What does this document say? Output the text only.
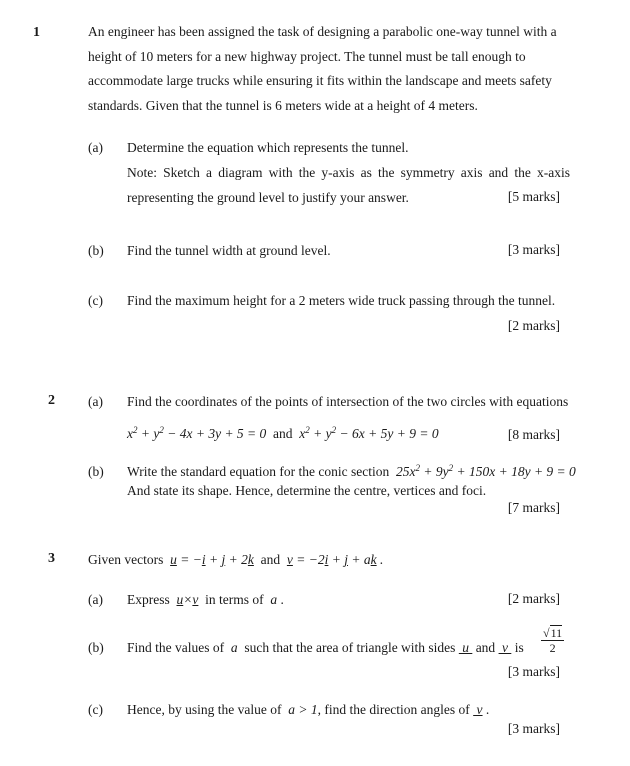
1	An engineer has been assigned the task of designing a parabolic one-way tunnel with a
height of 10 meters for a new highway project. The tunnel must be tall enough to
accommodate large trucks while ensuring it fits within the landscape and meets safety
standards. Given that the tunnel is 6 meters wide at a height of 4 meters.
(a) Determine the equation which represents the tunnel.
Note: Sketch a diagram with the y-axis as the symmetry axis and the x-axis
representing the ground level to justify your answer.	[5 marks]
(b) Find the tunnel width at ground level.	[3 marks]
(c) Find the maximum height for a 2 meters wide truck passing through the tunnel.
[2 marks]
2 (a) Find the coordinates of the points of intersection of the two circles with equations
$x^2 + y^2 - 4x + 3y + 5 = 0$ and $x^2 + y^2 - 6x + 5y + 9 = 0$	[8 marks]
(b) Write the standard equation for the conic section  $25x^2 + 9y^2 + 150x + 18y + 9 = 0$
And state its shape. Hence, determine the centre, vertices and foci.
[7 marks]
3 Given vectors u = −i + j + 2k and v = −2i + j + ak .
(a) Express u×v in terms of  a .	[2 marks]
(b) Find the values of  a  such that the area of triangle with sides  u  and  v  is $\frac{√11}{2}$
[3 marks]
(c) Hence, by using the value of  a > 1, find the direction angles of  v .
[3 marks]
